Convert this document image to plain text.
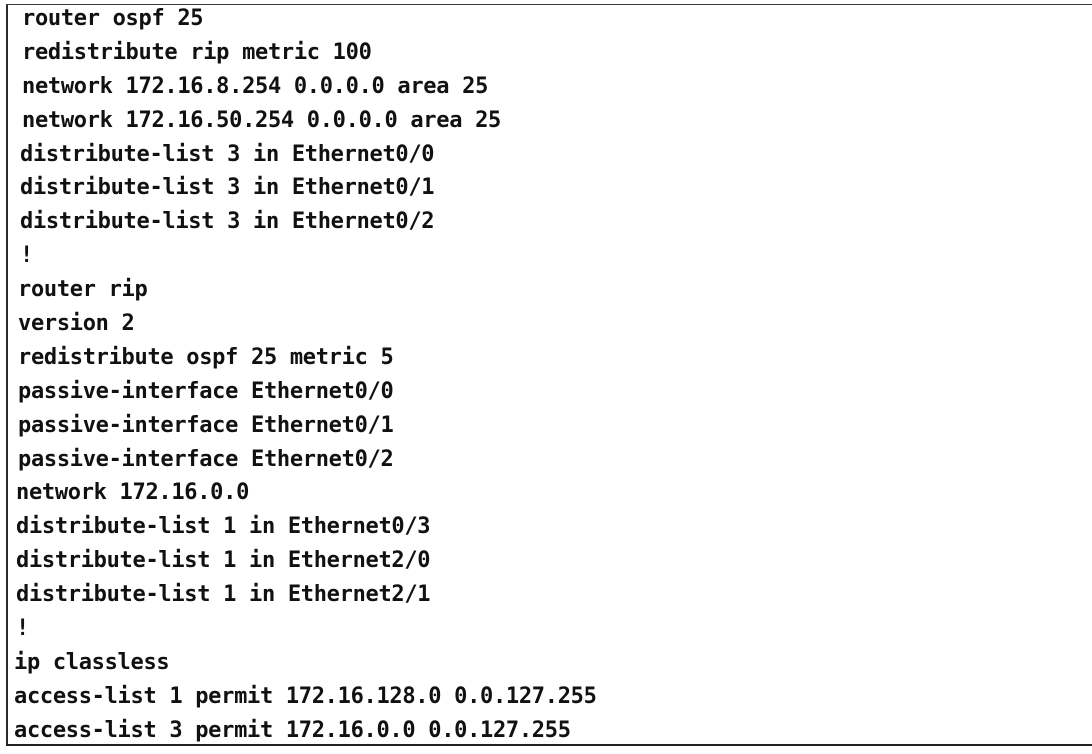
router ospf 25
redistribute rip metric 100
network 172.16.8.254 0.0.0.0 area 25
network 172.16.50.254 0.0.0.0 area 25
distribute-list 3 in Ethernet0/0
distribute-list 3 in Ethernet0/1
distribute-list 3 in Ethernet0/2
!
router rip
version 2
redistribute ospf 25 metric 5
passive-interface Ethernet0/0
passive-interface Ethernet0/1
passive-interface Ethernet0/2
network 172.16.0.0
distribute-list 1 in Ethernet0/3
distribute-list 1 in Ethernet2/0
distribute-list 1 in Ethernet2/1
!
ip classless
access-list 1 permit 172.16.128.0 0.0.127.255
access-list 3 permit 172.16.0.0 0.0.127.255
